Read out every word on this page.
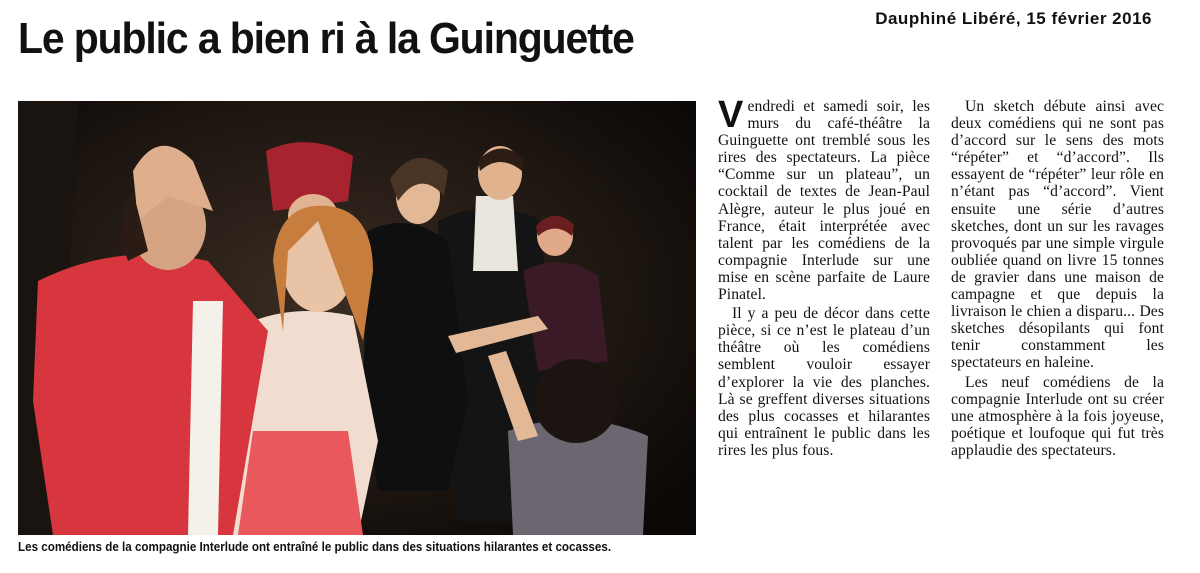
Dauphiné Libéré, 15 février 2016
Le public a bien ri à la Guinguette
Les comédiens de la compagnie Interlude ont entraîné le public dans des situations hilarantes et cocasses.

Vendredi et samedi soir, les murs du café-théâtre la Guinguette ont tremblé sous les rires des spectateurs. La pièce “Comme sur un plateau”, un cocktail de textes de Jean-Paul Alègre, auteur le plus joué en France, était interprétée avec talent par les comédiens de la compagnie Interlude sur une mise en scène parfaite de Laure Pinatel.

Il y a peu de décor dans cette pièce, si ce n’est le plateau d’un théâtre où les comédiens semblent vouloir essayer d’explorer la vie des planches. Là se greffent diverses situations des plus cocasses et hilarantes qui entraînent le public dans les rires les plus fous.

Un sketch débute ainsi avec deux comédiens qui ne sont pas d’accord sur le sens des mots “répéter” et “d’accord”. Ils essayent de “répéter” leur rôle en n’étant pas “d’accord”. Vient ensuite une série d’autres sketches, dont un sur les ravages provoqués par une simple virgule oubliée quand on livre 15 tonnes de gravier dans une maison de campagne et que depuis la livraison le chien a disparu... Des sketches désopilants qui font tenir constamment les spectateurs en haleine.

Les neuf comédiens de la compagnie Interlude ont su créer une atmosphère à la fois joyeuse, poétique et loufoque qui fut très applaudie des spectateurs.
